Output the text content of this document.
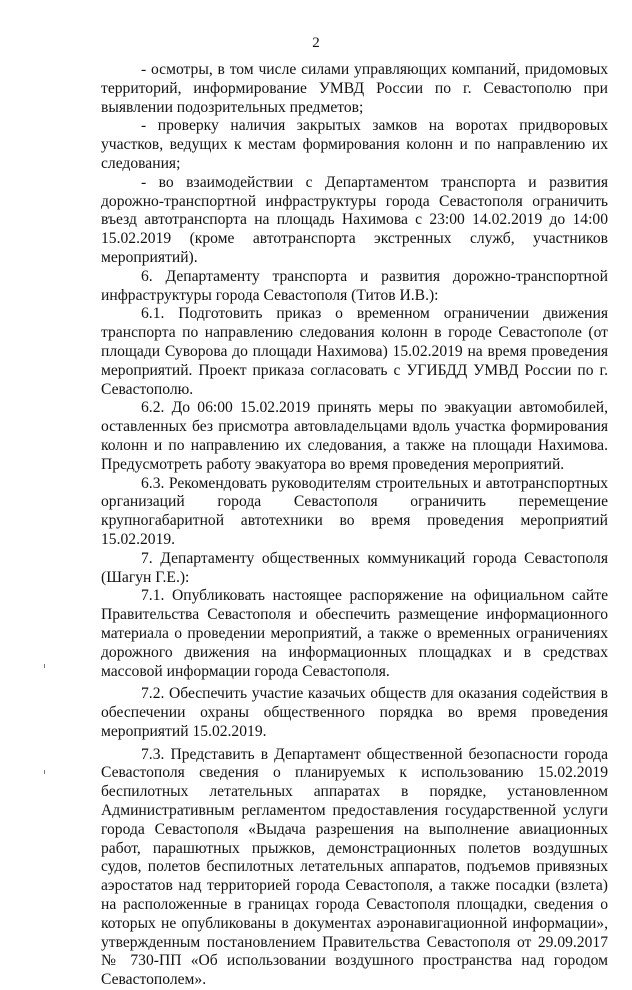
2

- осмотры, в том числе силами управляющих компаний, придомовых территорий, информирование УМВД России по г. Севастополю при выявлении подозрительных предметов;

- проверку наличия закрытых замков на воротах придворовых участков, ведущих к местам формирования колонн и по направлению их следования;

- во взаимодействии с Департаментом транспорта и развития дорожно-транспортной инфраструктуры города Севастополя ограничить въезд автотранспорта на площадь Нахимова с 23:00 14.02.2019 до 14:00 15.02.2019 (кроме автотранспорта экстренных служб, участников мероприятий).

6. Департаменту транспорта и развития дорожно-транспортной инфраструктуры города Севастополя (Титов И.В.):

6.1. Подготовить приказ о временном ограничении движения транспорта по направлению следования колонн в городе Севастополе (от площади Суворова до площади Нахимова) 15.02.2019 на время проведения мероприятий. Проект приказа согласовать с УГИБДД УМВД России по г. Севастополю.

6.2. До 06:00 15.02.2019 принять меры по эвакуации автомобилей, оставленных без присмотра автовладельцами вдоль участка формирования колонн и по направлению их следования, а также на площади Нахимова. Предусмотреть работу эвакуатора во время проведения мероприятий.

6.3. Рекомендовать руководителям строительных и автотранспортных организаций города Севастополя ограничить перемещение крупногабаритной автотехники во время проведения мероприятий 15.02.2019.

7. Департаменту общественных коммуникаций города Севастополя (Шагун Г.Е.):

7.1. Опубликовать настоящее распоряжение на официальном сайте Правительства Севастополя и обеспечить размещение информационного материала о проведении мероприятий, а также о временных ограничениях дорожного движения на информационных площадках и в средствах массовой информации города Севастополя.

7.2. Обеспечить участие казачьих обществ для оказания содействия в обеспечении охраны общественного порядка во время проведения мероприятий 15.02.2019.

7.3. Представить в Департамент общественной безопасности города Севастополя сведения о планируемых к использованию 15.02.2019 беспилотных летательных аппаратах в порядке, установленном Административным регламентом предоставления государственной услуги города Севастополя «Выдача разрешения на выполнение авиационных работ, парашютных прыжков, демонстрационных полетов воздушных судов, полетов беспилотных летательных аппаратов, подъемов привязных аэростатов над территорией города Севастополя, а также посадки (взлета) на расположенные в границах города Севастополя площадки, сведения о которых не опубликованы в документах аэронавигационной информации», утвержденным постановлением Правительства Севастополя от 29.09.2017 № 730-ПП «Об использовании воздушного пространства над городом Севастополем».
